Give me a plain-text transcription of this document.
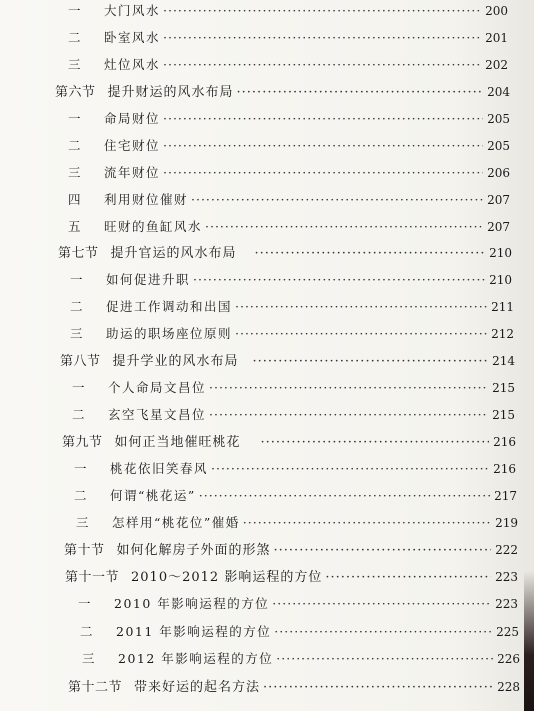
一	大门风水 ·····	200
二	卧室风水 ·····	201
三	灶位风水 ·····	202
第六节 提升财运的风水布局 ·····	204
一	命局财位 ·····	205
二	住宅财位 ·····	205
三	流年财位 ·····	206
四	利用财位催财 ·····	207
五	旺财的鱼缸风水 ·····	207
第七节 提升官运的风水布局 ·····	210
一	如何促进升职 ·····	210
二	促进工作调动和出国 ·····	211
三	助运的职场座位原则 ·····	212
第八节 提升学业的风水布局 ·····	214
一	个人命局文昌位 ·····	215
二	玄空飞星文昌位 ·····	215
第九节 如何正当地催旺桃花 ·····	216
一	桃花依旧笑春风 ·····	216
二	何谓“桃花运” ·····	217
三	怎样用“桃花位”催婚 ·····	219
第十节 如何化解房子外面的形煞 ·····	222
第十一节 2010～2012 影响运程的方位 ·····	223
一	2010 年影响运程的方位 ·····	223
二	2011 年影响运程的方位 ·····	225
三	2012 年影响运程的方位 ·····	226
第十二节 带来好运的起名方法 ·····	228
